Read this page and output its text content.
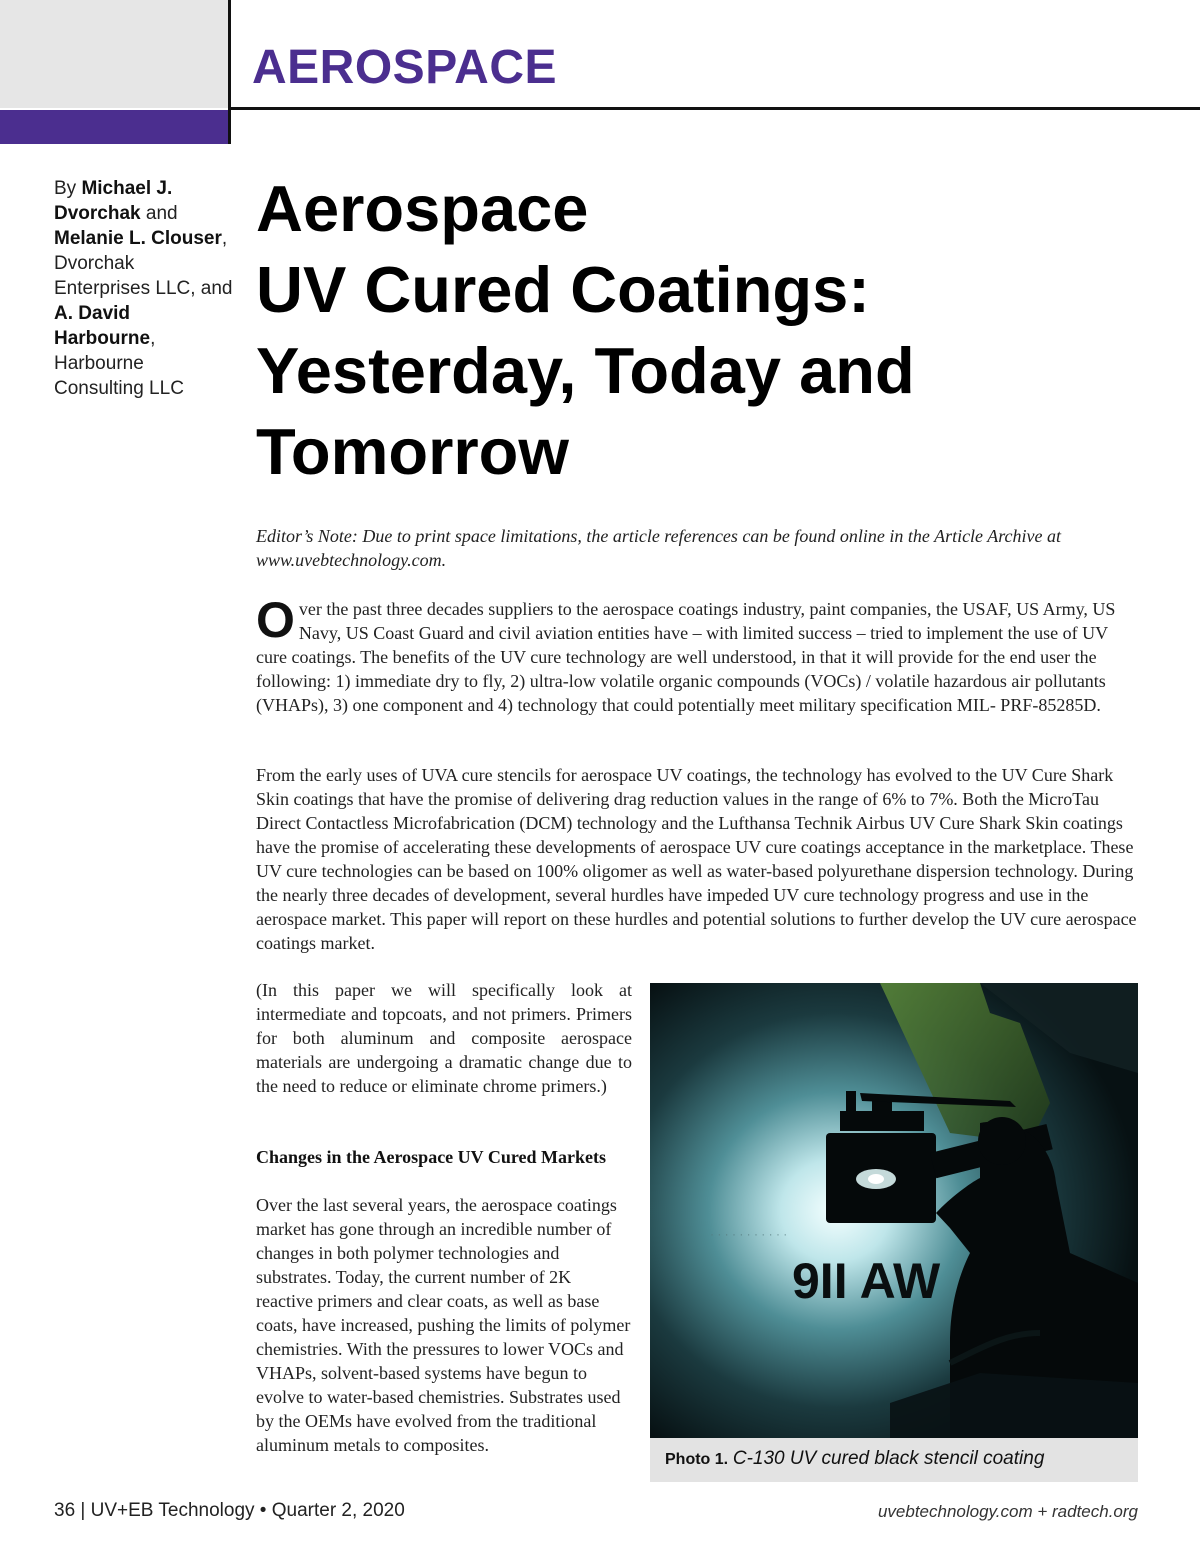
AEROSPACE
By Michael J. Dvorchak and Melanie L. Clouser, Dvorchak Enterprises LLC, and A. David Harbourne, Harbourne Consulting LLC
Aerospace
UV Cured Coatings:
Yesterday, Today and
Tomorrow
Editor’s Note: Due to print space limitations, the article references can be found online in the Article Archive at www.uvebtechnology.com.
Over the past three decades suppliers to the aerospace coatings industry, paint companies, the USAF, US Army, US Navy, US Coast Guard and civil aviation entities have – with limited success – tried to implement the use of UV cure coatings. The benefits of the UV cure technology are well understood, in that it will provide for the end user the following: 1) immediate dry to fly, 2) ultra-low volatile organic compounds (VOCs) / volatile hazardous air pollutants (VHAPs), 3) one component and 4) technology that could potentially meet military specification MIL- PRF-85285D.
From the early uses of UVA cure stencils for aerospace UV coatings, the technology has evolved to the UV Cure Shark Skin coatings that have the promise of delivering drag reduction values in the range of 6% to 7%. Both the MicroTau Direct Contactless Microfabrication (DCM) technology and the Lufthansa Technik Airbus UV Cure Shark Skin coatings have the promise of accelerating these developments of aerospace UV cure coatings acceptance in the marketplace. These UV cure technologies can be based on 100% oligomer as well as water-based polyurethane dispersion technology. During the nearly three decades of development, several hurdles have impeded UV cure technology progress and use in the aerospace market. This paper will report on these hurdles and potential solutions to further develop the UV cure aerospace coatings market.
(In this paper we will specifically look at intermediate and topcoats, and not primers. Primers for both aluminum and composite aerospace materials are undergoing a dramatic change due to the need to reduce or eliminate chrome primers.)
Changes in the Aerospace UV Cured Markets
Over the last several years, the aerospace coatings market has gone through an incredible number of changes in both polymer technologies and substrates. Today, the current number of 2K reactive primers and clear coats, as well as base coats, have increased, pushing the limits of polymer chemistries. With the pressures to lower VOCs and VHAPs, solvent-based systems have begun to evolve to water-based chemistries. Substrates used by the OEMs have evolved from the traditional aluminum metals to composites.
· · · · · · · · · · ·
9II AW
Photo 1. C-130 UV cured black stencil coating
36 | UV+EB Technology • Quarter 2, 2020	uvebtechnology.com + radtech.org
